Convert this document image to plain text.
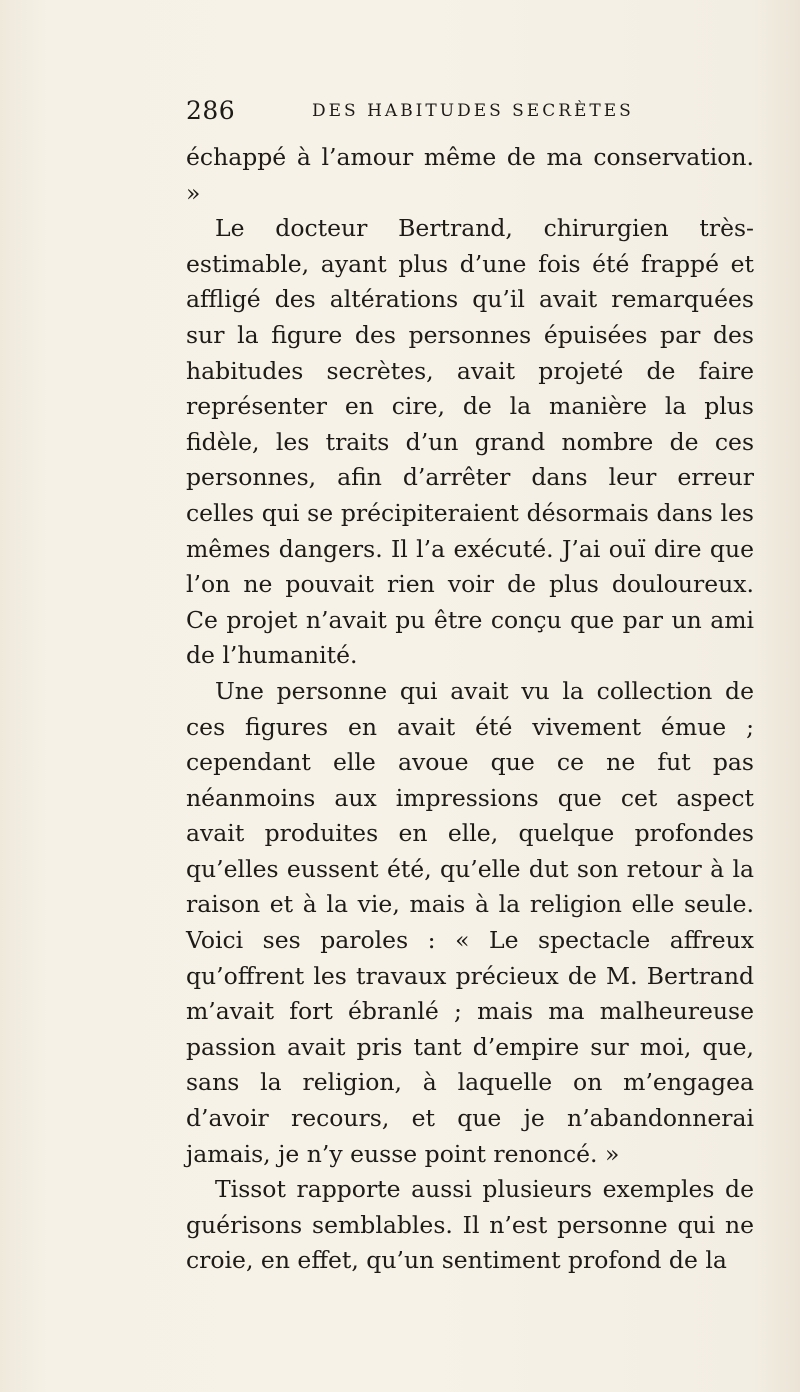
286	DES HABITUDES SECRÈTES

échappé à l’amour même de ma conservation. »

Le docteur Bertrand, chirurgien très-estimable, ayant plus d’une fois été frappé et affligé des altérations qu’il avait remarquées sur la figure des personnes épuisées par des habitudes secrètes, avait projeté de faire représenter en cire, de la manière la plus fidèle, les traits d’un grand nombre de ces personnes, afin d’arrêter dans leur erreur celles qui se précipiteraient désormais dans les mêmes dangers. Il l’a exécuté. J’ai ouï dire que l’on ne pouvait rien voir de plus douloureux. Ce projet n’avait pu être conçu que par un ami de l’humanité.

Une personne qui avait vu la collection de ces figures en avait été vivement émue ; cependant elle avoue que ce ne fut pas néanmoins aux impressions que cet aspect avait produites en elle, quelque profondes qu’elles eussent été, qu’elle dut son retour à la raison et à la vie, mais à la religion elle seule. Voici ses paroles : « Le spectacle affreux qu’offrent les travaux précieux de M. Bertrand m’avait fort ébranlé ; mais ma malheureuse passion avait pris tant d’empire sur moi, que, sans la religion, à laquelle on m’engagea d’avoir recours, et que je n’abandonnerai jamais, je n’y eusse point renoncé. »

Tissot rapporte aussi plusieurs exemples de guérisons semblables. Il n’est personne qui ne croie, en effet, qu’un sentiment profond de la
